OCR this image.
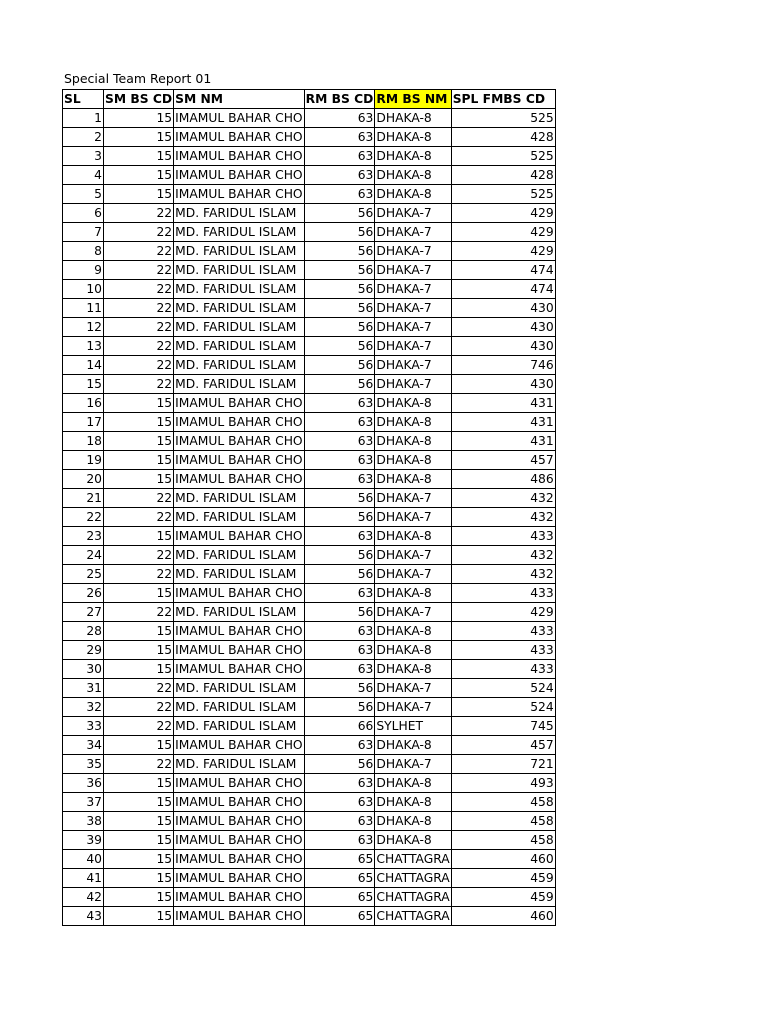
Special Team Report 01
SL	SM BS CD	SM NM	RM BS CD	RM BS NM	SPL FMBS CD
1	15	IMAMUL BAHAR CHO	63	DHAKA-8	525
2	15	IMAMUL BAHAR CHO	63	DHAKA-8	428
3	15	IMAMUL BAHAR CHO	63	DHAKA-8	525
4	15	IMAMUL BAHAR CHO	63	DHAKA-8	428
5	15	IMAMUL BAHAR CHO	63	DHAKA-8	525
6	22	MD. FARIDUL ISLAM	56	DHAKA-7	429
7	22	MD. FARIDUL ISLAM	56	DHAKA-7	429
8	22	MD. FARIDUL ISLAM	56	DHAKA-7	429
9	22	MD. FARIDUL ISLAM	56	DHAKA-7	474
10	22	MD. FARIDUL ISLAM	56	DHAKA-7	474
11	22	MD. FARIDUL ISLAM	56	DHAKA-7	430
12	22	MD. FARIDUL ISLAM	56	DHAKA-7	430
13	22	MD. FARIDUL ISLAM	56	DHAKA-7	430
14	22	MD. FARIDUL ISLAM	56	DHAKA-7	746
15	22	MD. FARIDUL ISLAM	56	DHAKA-7	430
16	15	IMAMUL BAHAR CHO	63	DHAKA-8	431
17	15	IMAMUL BAHAR CHO	63	DHAKA-8	431
18	15	IMAMUL BAHAR CHO	63	DHAKA-8	431
19	15	IMAMUL BAHAR CHO	63	DHAKA-8	457
20	15	IMAMUL BAHAR CHO	63	DHAKA-8	486
21	22	MD. FARIDUL ISLAM	56	DHAKA-7	432
22	22	MD. FARIDUL ISLAM	56	DHAKA-7	432
23	15	IMAMUL BAHAR CHO	63	DHAKA-8	433
24	22	MD. FARIDUL ISLAM	56	DHAKA-7	432
25	22	MD. FARIDUL ISLAM	56	DHAKA-7	432
26	15	IMAMUL BAHAR CHO	63	DHAKA-8	433
27	22	MD. FARIDUL ISLAM	56	DHAKA-7	429
28	15	IMAMUL BAHAR CHO	63	DHAKA-8	433
29	15	IMAMUL BAHAR CHO	63	DHAKA-8	433
30	15	IMAMUL BAHAR CHO	63	DHAKA-8	433
31	22	MD. FARIDUL ISLAM	56	DHAKA-7	524
32	22	MD. FARIDUL ISLAM	56	DHAKA-7	524
33	22	MD. FARIDUL ISLAM	66	SYLHET	745
34	15	IMAMUL BAHAR CHO	63	DHAKA-8	457
35	22	MD. FARIDUL ISLAM	56	DHAKA-7	721
36	15	IMAMUL BAHAR CHO	63	DHAKA-8	493
37	15	IMAMUL BAHAR CHO	63	DHAKA-8	458
38	15	IMAMUL BAHAR CHO	63	DHAKA-8	458
39	15	IMAMUL BAHAR CHO	63	DHAKA-8	458
40	15	IMAMUL BAHAR CHO	65	CHATTAGRA	460
41	15	IMAMUL BAHAR CHO	65	CHATTAGRA	459
42	15	IMAMUL BAHAR CHO	65	CHATTAGRA	459
43	15	IMAMUL BAHAR CHO	65	CHATTAGRA	460
